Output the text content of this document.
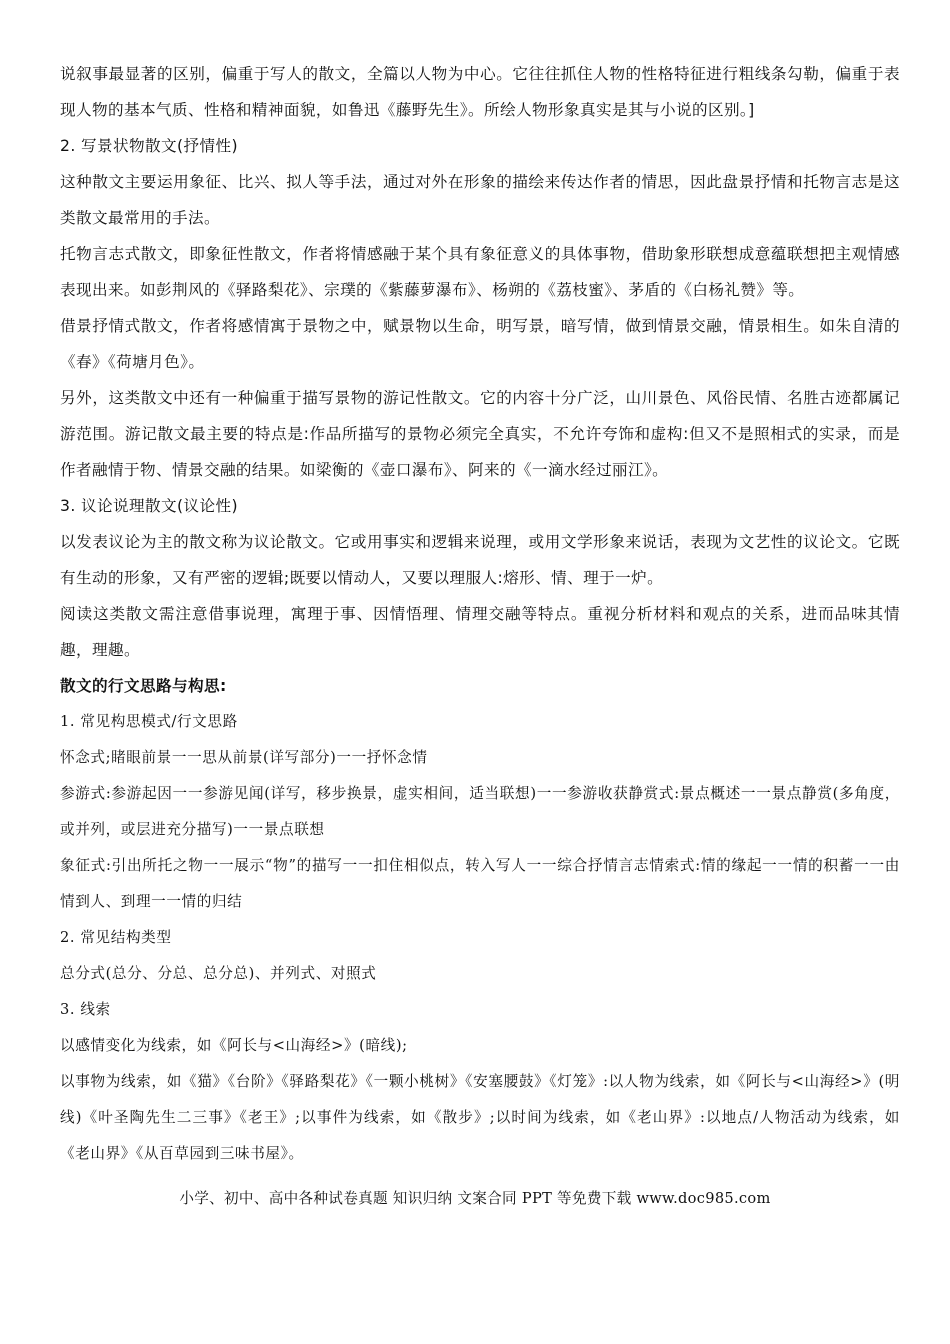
说叙事最显著的区别，偏重于写人的散文，全篇以人物为中心。它往往抓住人物的性格特征进行粗线条勾勒，偏重于表现人物的基本气质、性格和精神面貌，如鲁迅《藤野先生》。所绘人物形象真实是其与小说的区别。]

2. 写景状物散文(抒情性)

这种散文主要运用象征、比兴、拟人等手法，通过对外在形象的描绘来传达作者的情思，因此盘景抒情和托物言志是这类散文最常用的手法。

托物言志式散文，即象征性散文，作者将情感融于某个具有象征意义的具体事物，借助象形联想成意蕴联想把主观情感表现出来。如彭荆风的《驿路梨花》、宗璞的《紫藤萝瀑布》、杨朔的《荔枝蜜》、茅盾的《白杨礼赞》等。

借景抒情式散文，作者将感情寓于景物之中，赋景物以生命，明写景，暗写情，做到情景交融，情景相生。如朱自清的《春》《荷塘月色》。

另外，这类散文中还有一种偏重于描写景物的游记性散文。它的内容十分广泛，山川景色、风俗民情、名胜古迹都属记游范围。游记散文最主要的特点是:作品所描写的景物必须完全真实，不允许夸饰和虚构:但又不是照相式的实录，而是作者融情于物、情景交融的结果。如梁衡的《壶口瀑布》、阿来的《一滴水经过丽江》。

3. 议论说理散文(议论性)

以发表议论为主的散文称为议论散文。它或用事实和逻辑来说理，或用文学形象来说话，表现为文艺性的议论文。它既有生动的形象，又有严密的逻辑;既要以情动人，又要以理服人:熔形、情、理于一炉。

阅读这类散文需注意借事说理，寓理于事、因情悟理、情理交融等特点。重视分析材料和观点的关系，进而品味其情趣，理趣。

散文的行文思路与构思:

1. 常见构思模式/行文思路

怀念式;睹眼前景一一思从前景(详写部分)一一抒怀念情

参游式:参游起因一一参游见闻(详写，移步换景，虚实相间，适当联想)一一参游收获静赏式:景点概述一一景点静赏(多角度，或并列，或层进充分描写)一一景点联想

象征式:引出所托之物一一展示“物”的描写一一扣住相似点，转入写人一一综合抒情言志情索式:情的缘起一一情的积蓄一一由情到人、到理一一情的归结

2. 常见结构类型

总分式(总分、分总、总分总)、并列式、对照式

3. 线索

以感情变化为线索，如《阿长与<山海经>》(暗线);

以事物为线索，如《猫》《台阶》《驿路梨花》《一颗小桃树》《安塞腰鼓》《灯笼》:以人物为线索，如《阿长与<山海经>》(明线)《叶圣陶先生二三事》《老王》;以事件为线索，如《散步》;以时间为线索，如《老山界》:以地点/人物活动为线索，如《老山界》《从百草园到三味书屋》。

小学、初中、高中各种试卷真题 知识归纳 文案合同 PPT 等免费下载 www.doc985.com
